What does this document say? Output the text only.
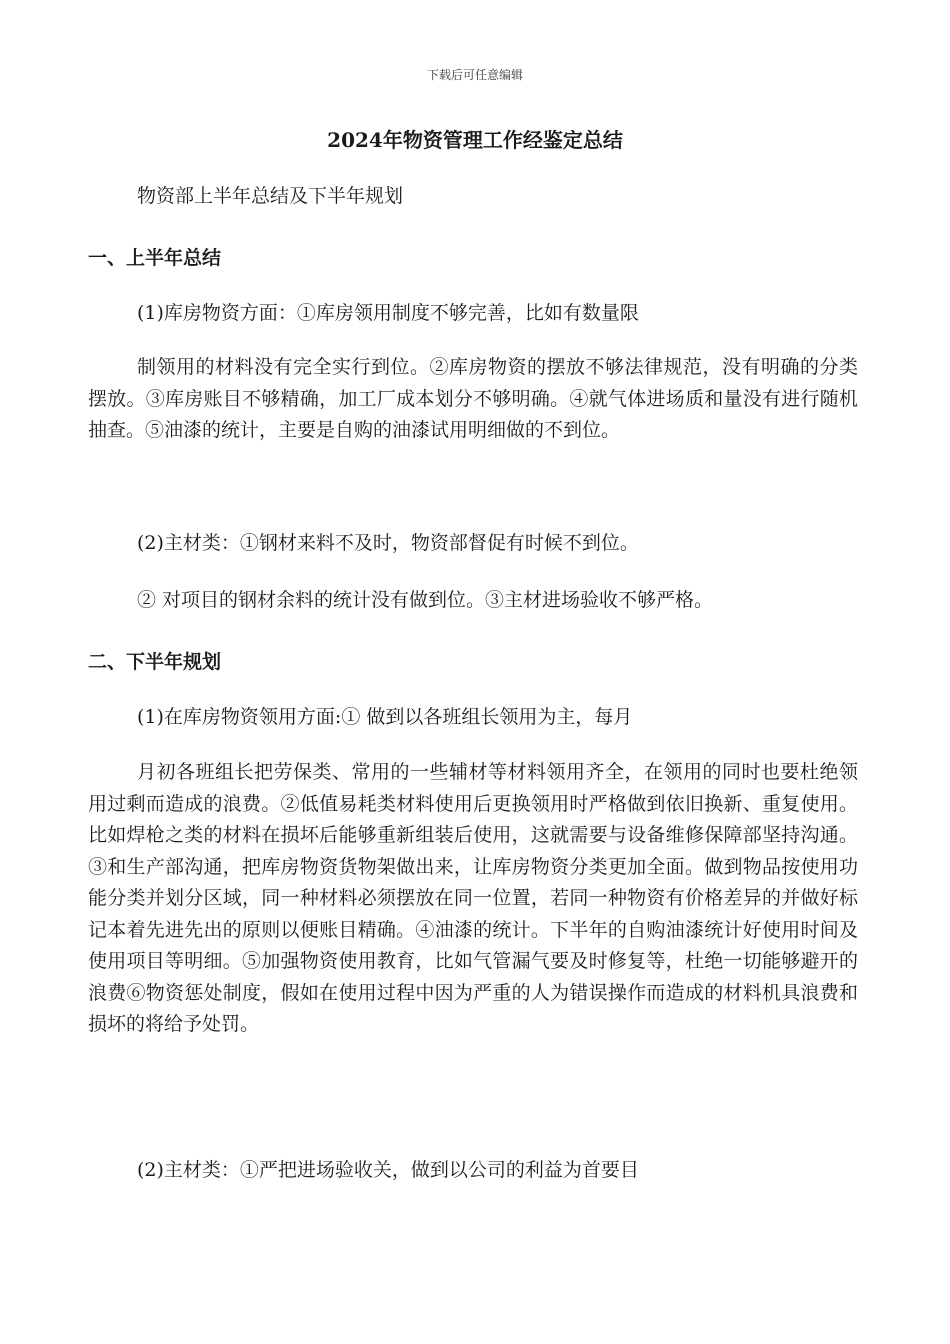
下载后可任意编辑
2024年物资管理工作经鉴定总结
物资部上半年总结及下半年规划
一、上半年总结
(1)库房物资方面：①库房领用制度不够完善，比如有数量限
制领用的材料没有完全实行到位。②库房物资的摆放不够法律规范，没有明确的分类摆放。③库房账目不够精确，加工厂成本划分不够明确。④就气体进场质和量没有进行随机抽查。⑤油漆的统计，主要是自购的油漆试用明细做的不到位。
(2)主材类：①钢材来料不及时，物资部督促有时候不到位。
② 对项目的钢材余料的统计没有做到位。③主材进场验收不够严格。
二、下半年规划
(1)在库房物资领用方面:① 做到以各班组长领用为主，每月
月初各班组长把劳保类、常用的一些辅材等材料领用齐全，在领用的同时也要杜绝领用过剩而造成的浪费。②低值易耗类材料使用后更换领用时严格做到依旧换新、重复使用。比如焊枪之类的材料在损坏后能够重新组装后使用，这就需要与设备维修保障部坚持沟通。③和生产部沟通，把库房物资货物架做出来，让库房物资分类更加全面。做到物品按使用功能分类并划分区域，同一种材料必须摆放在同一位置，若同一种物资有价格差异的并做好标记本着先进先出的原则以便账目精确。④油漆的统计。下半年的自购油漆统计好使用时间及使用项目等明细。⑤加强物资使用教育，比如气管漏气要及时修复等，杜绝一切能够避开的浪费⑥物资惩处制度，假如在使用过程中因为严重的人为错误操作而造成的材料机具浪费和损坏的将给予处罚。
(2)主材类：①严把进场验收关，做到以公司的利益为首要目
